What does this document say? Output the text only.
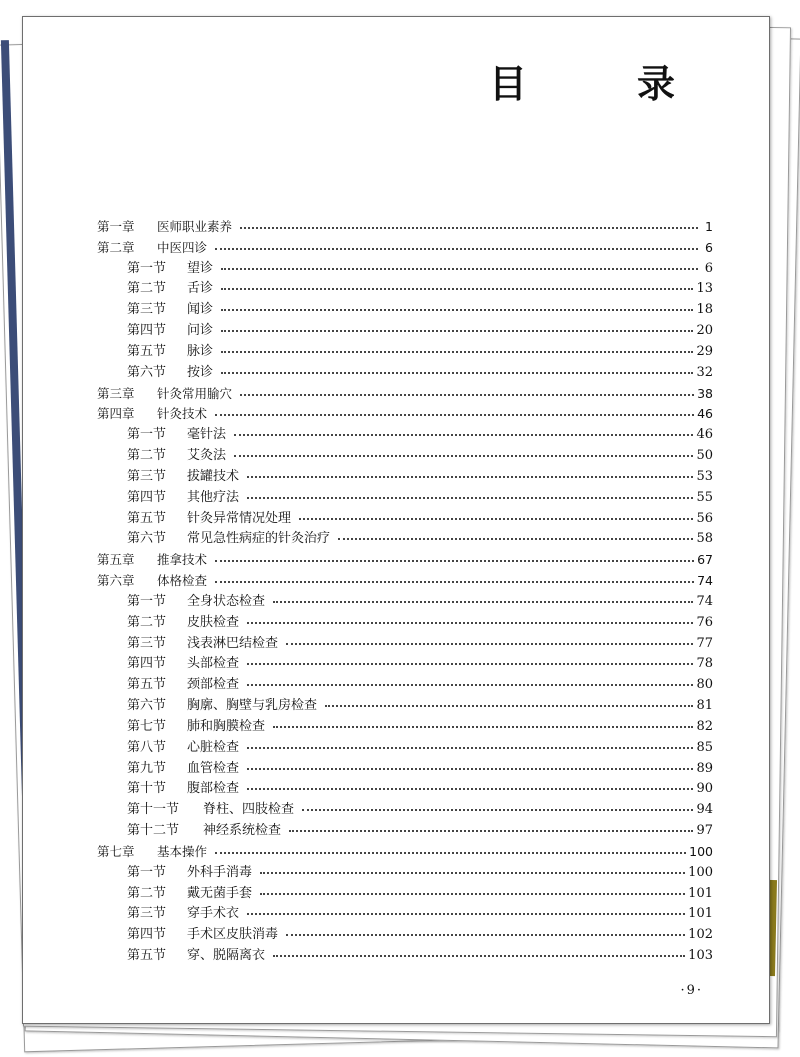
目　录
第一章	医师职业素养	1
第二章	中医四诊	6
第一节	望诊	6
第二节	舌诊	13
第三节	闻诊	18
第四节	问诊	20
第五节	脉诊	29
第六节	按诊	32
第三章	针灸常用腧穴	38
第四章	针灸技术	46
第一节	毫针法	46
第二节	艾灸法	50
第三节	拔罐技术	53
第四节	其他疗法	55
第五节	针灸异常情况处理	56
第六节	常见急性病症的针灸治疗	58
第五章	推拿技术	67
第六章	体格检查	74
第一节	全身状态检查	74
第二节	皮肤检查	76
第三节	浅表淋巴结检查	77
第四节	头部检查	78
第五节	颈部检查	80
第六节	胸廓、胸壁与乳房检查	81
第七节	肺和胸膜检查	82
第八节	心脏检查	85
第九节	血管检查	89
第十节	腹部检查	90
第十一节	脊柱、四肢检查	94
第十二节	神经系统检查	97
第七章	基本操作	100
第一节	外科手消毒	100
第二节	戴无菌手套	101
第三节	穿手术衣	101
第四节	手术区皮肤消毒	102
第五节	穿、脱隔离衣	103
·9·
